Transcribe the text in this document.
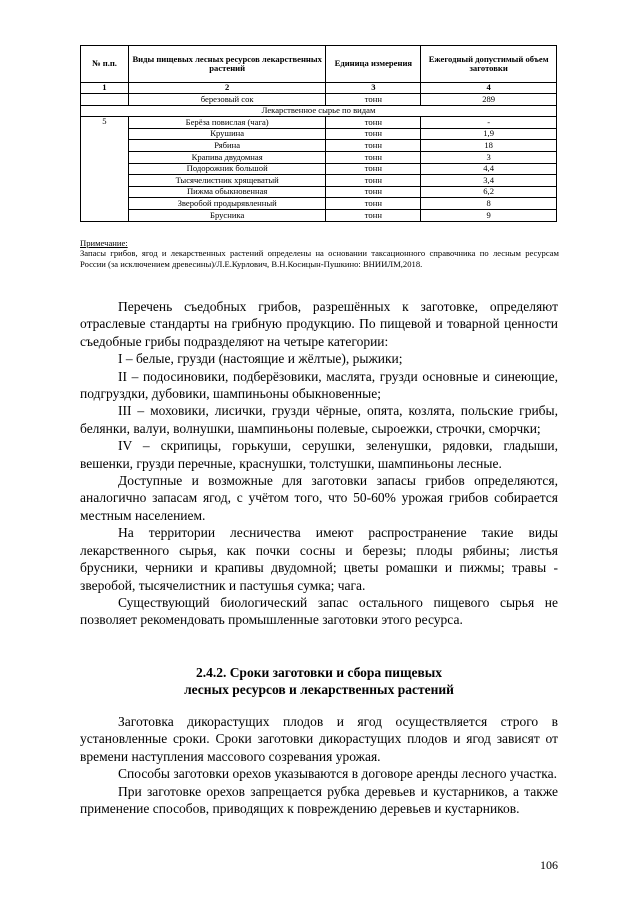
№ п.п.	Виды пищевых лесных ресурсов лекарственных растений	Единица измерения	Ежегодный допустимый объем заготовки
1	2	3	4
	березовый сок	тонн	289
Лекарственное сырье по видам			
5	Берёза повислая (чага)	тонн	-
	Крушина	тонн	1,9
	Рябина	тонн	18
	Крапива двудомная	тонн	3
	Подорожник большой	тонн	4,4
	Тысячелистник хрящеватый	тонн	3,4
	Пижма обыкновенная	тонн	6,2
	Зверобой продырявленный	тонн	8
	Брусника	тонн	9
Примечание:
Запасы грибов, ягод и лекарственных растений определены на основании таксационного справочника по лесным ресурсам России (за исключением древесины)/Л.Е.Курлович, В.Н.Косицын-Пушкино: ВНИИЛМ,2018.

Перечень съедобных грибов, разрешённых к заготовке, определяют отраслевые стандарты на грибную продукцию. По пищевой и товарной ценности съедобные грибы подразделяют на четыре категории:

I – белые, грузди (настоящие и жёлтые), рыжики;

II – подосиновики, подберёзовики, маслята, грузди основные и синеющие, подгруздки, дубовики, шампиньоны обыкновенные;

III – моховики, лисички, грузди чёрные, опята, козлята, польские грибы, белянки, валуи, волнушки, шампиньоны полевые, сыроежки, строчки, сморчки;

IV – скрипицы, горькуши, серушки, зеленушки, рядовки, гладыши, вешенки, грузди перечные, краснушки, толстушки, шампиньоны лесные.

Доступные и возможные для заготовки запасы грибов определяются, аналогично запасам ягод, с учётом того, что 50-60% урожая грибов собирается местным населением.

На территории лесничества имеют распространение такие виды лекарственного сырья, как почки сосны и березы; плоды рябины; листья брусники, черники и крапивы двудомной; цветы ромашки и пижмы; травы - зверобой, тысячелистник и пастушья сумка; чага.

Существующий биологический запас остального пищевого сырья не позволяет рекомендовать промышленные заготовки этого ресурса.

2.4.2. Сроки заготовки и сбора пищевых
лесных ресурсов и лекарственных растений

Заготовка дикорастущих плодов и ягод осуществляется строго в установленные сроки. Сроки заготовки дикорастущих плодов и ягод зависят от времени наступления массового созревания урожая.

Способы заготовки орехов указываются в договоре аренды лесного участка.

При заготовке орехов запрещается рубка деревьев и кустарников, а также применение способов, приводящих к повреждению деревьев и кустарников.

106
